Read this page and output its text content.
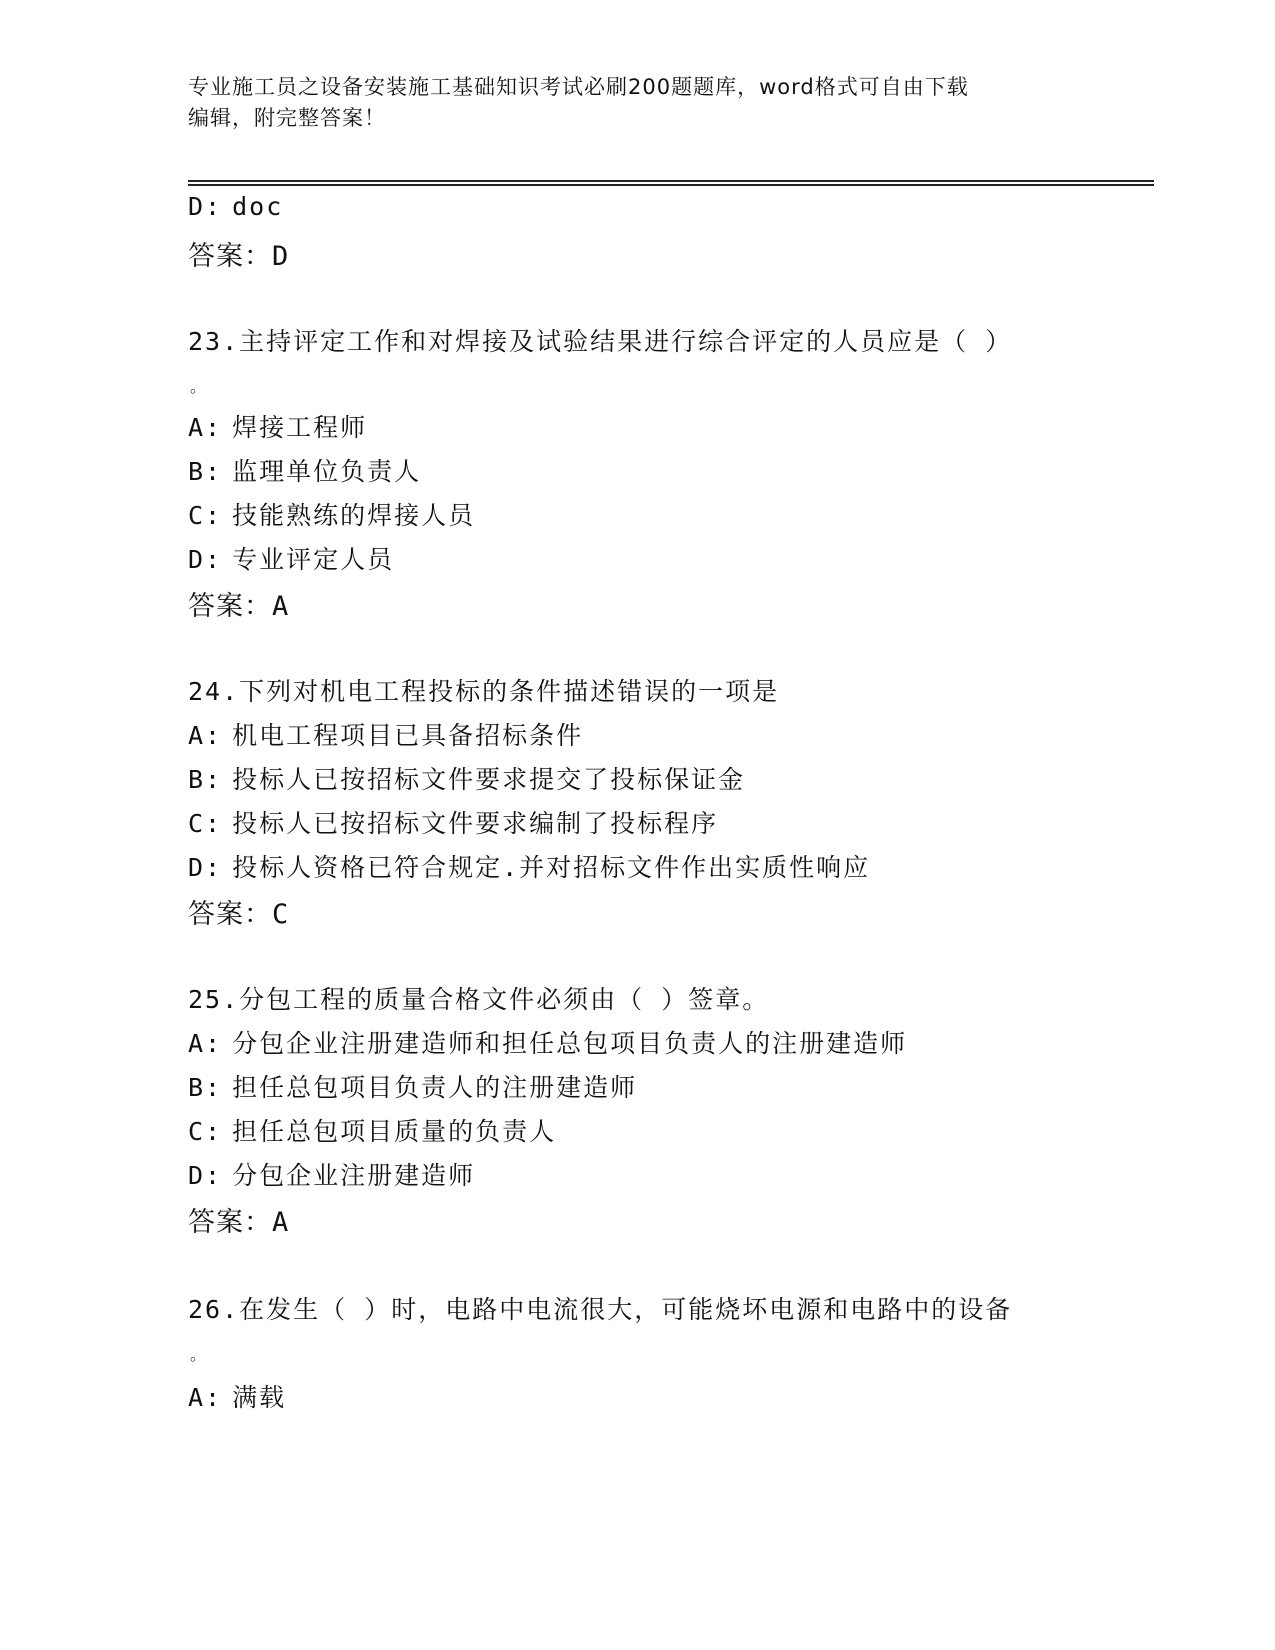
专业施工员之设备安装施工基础知识考试必刷200题题库，word格式可自由下载
编辑，附完整答案！
D: doc
答案：D
23.主持评定工作和对焊接及试验结果进行综合评定的人员应是（ ）
。
A: 焊接工程师
B: 监理单位负责人
C: 技能熟练的焊接人员
D: 专业评定人员
答案：A
24.下列对机电工程投标的条件描述错误的一项是
A: 机电工程项目已具备招标条件
B: 投标人已按招标文件要求提交了投标保证金
C: 投标人已按招标文件要求编制了投标程序
D: 投标人资格已符合规定.并对招标文件作出实质性响应
答案：C
25.分包工程的质量合格文件必须由（ ）签章。
A: 分包企业注册建造师和担任总包项目负责人的注册建造师
B: 担任总包项目负责人的注册建造师
C: 担任总包项目质量的负责人
D: 分包企业注册建造师
答案：A
26.在发生（ ）时，电路中电流很大，可能烧坏电源和电路中的设备
。
A: 满载
